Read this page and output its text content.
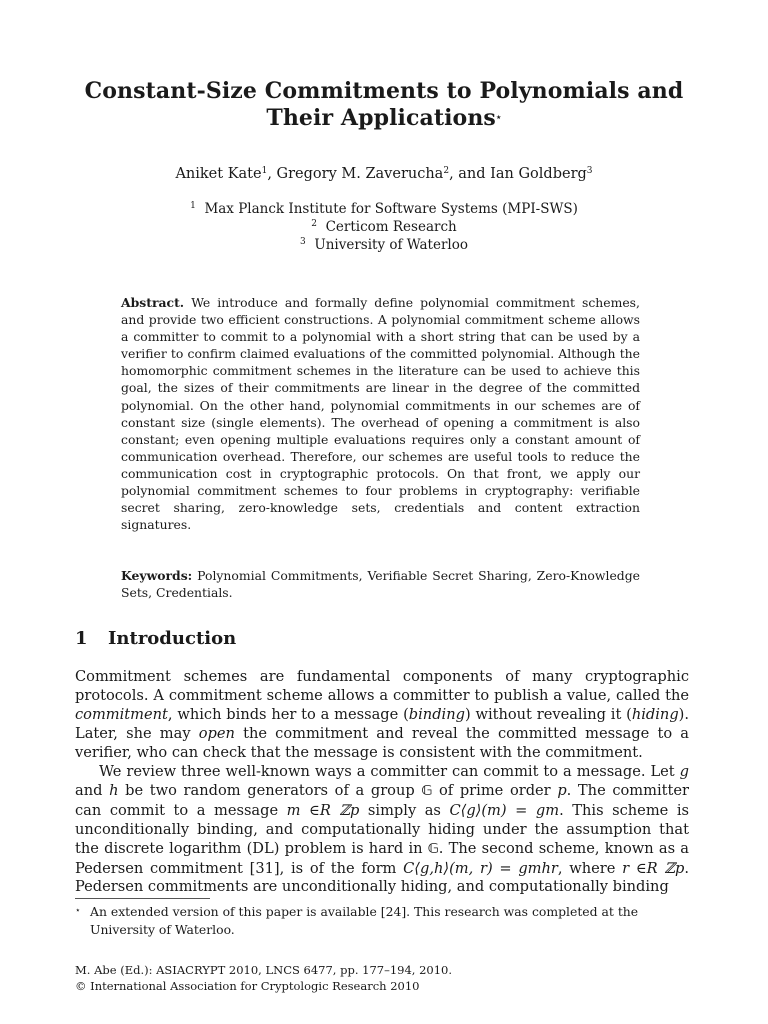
Constant-Size Commitments to Polynomials and
Their Applications⋆
Aniket Kate$^1$, Gregory M. Zaverucha$^2$, and Ian Goldberg$^3$
$^1$ Max Planck Institute for Software Systems (MPI-SWS)
$^2$ Certicom Research
$^3$ University of Waterloo
Abstract. We introduce and formally define polynomial commitment schemes, and provide two efficient constructions. A polynomial commitment scheme allows a committer to commit to a polynomial with a short string that can be used by a verifier to confirm claimed evaluations of the committed polynomial. Although the homomorphic commitment schemes in the literature can be used to achieve this goal, the sizes of their commitments are linear in the degree of the committed polynomial. On the other hand, polynomial commitments in our schemes are of constant size (single elements). The overhead of opening a commitment is also constant; even opening multiple evaluations requires only a constant amount of communication overhead. Therefore, our schemes are useful tools to reduce the communication cost in cryptographic protocols. On that front, we apply our polynomial commitment schemes to four problems in cryptography: verifiable secret sharing, zero-knowledge sets, credentials and content extraction signatures.
Keywords: Polynomial Commitments, Verifiable Secret Sharing, Zero-Knowledge Sets, Credentials.
1 Introduction

Commitment schemes are fundamental components of many cryptographic protocols. A commitment scheme allows a committer to publish a value, called the commitment, which binds her to a message (binding) without revealing it (hiding). Later, she may open the commitment and reveal the committed message to a verifier, who can check that the message is consistent with the commitment.

We review three well-known ways a committer can commit to a message. Let g and h be two random generators of a group 𝔾 of prime order p. The committer can commit to a message m ∈R ℤp simply as C⟨g⟩(m) = gm. This scheme is unconditionally binding, and computationally hiding under the assumption that the discrete logarithm (DL) problem is hard in 𝔾. The second scheme, known as a Pedersen commitment [31], is of the form C⟨g,h⟩(m, r) = gmhr, where r ∈R ℤp. Pedersen commitments are unconditionally hiding, and computationally binding

⋆ An extended version of this paper is available [24]. This research was completed at the University of Waterloo.
M. Abe (Ed.): ASIACRYPT 2010, LNCS 6477, pp. 177–194, 2010.
© International Association for Cryptologic Research 2010
